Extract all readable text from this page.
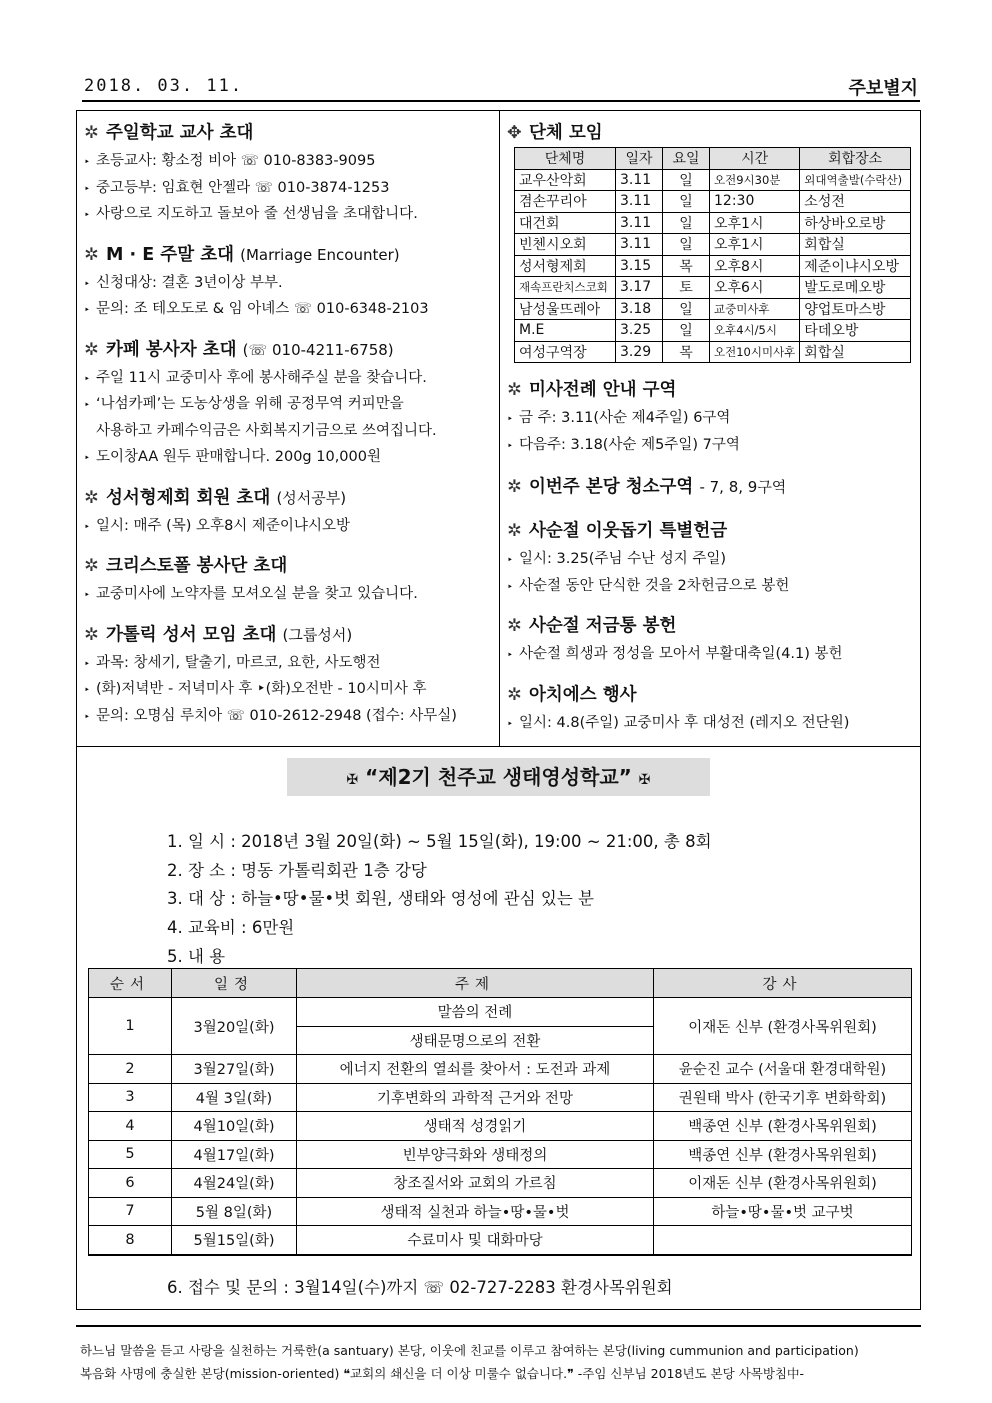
2018. 03. 11.	주보별지
✲ 주일학교 교사 초대
‣ 초등교사: 황소정 비아 ☏ 010-8383-9095
‣ 중고등부: 임효현 안젤라 ☏ 010-3874-1253
‣ 사랑으로 지도하고 돌보아 줄 선생님을 초대합니다.
✲ M · E 주말 초대 (Marriage Encounter)
‣ 신청대상: 결혼 3년이상 부부.
‣ 문의: 조 테오도로 & 임 아녜스 ☏ 010-6348-2103
✲ 카페 봉사자 초대 (☏ 010-4211-6758)
‣ 주일 11시 교중미사 후에 봉사해주실 분을 찾습니다.
‣ ‘나섬카페’는 도농상생을 위해 공정무역 커피만을
사용하고 카페수익금은 사회복지기금으로 쓰여집니다.
‣ 도이창AA 원두 판매합니다. 200g 10,000원
✲ 성서형제회 회원 초대 (성서공부)
‣ 일시: 매주 (목) 오후8시 제준이냐시오방
✲ 크리스토폴 봉사단 초대
‣ 교중미사에 노약자를 모셔오실 분을 찾고 있습니다.
✲ 가톨릭 성서 모임 초대 (그룹성서)
‣ 과목: 창세기, 탈출기, 마르코, 요한, 사도행전
‣ (화)저녁반 - 저녁미사 후 ‣(화)오전반 - 10시미사 후
‣ 문의: 오명심 루치아 ☏ 010-2612-2948 (접수: 사무실)
✥ 단체 모임
단체명	일자	요일	시간	회합장소
교우산악회	3.11	일	오전9시30분	외대역출발(수락산)
겸손꾸리아	3.11	일	12:30	소성전
대건회	3.11	일	오후1시	하상바오로방
빈첸시오회	3.11	일	오후1시	회합실
성서형제회	3.15	목	오후8시	제준이냐시오방
재속프란치스코회	3.17	토	오후6시	발도로메오방
남성울뜨레아	3.18	일	교중미사후	양업토마스방
M.E	3.25	일	오후4시/5시	타데오방
여성구역장	3.29	목	오전10시미사후	회합실
✲ 미사전례 안내 구역
‣ 금 주: 3.11(사순 제4주일) 6구역
‣ 다음주: 3.18(사순 제5주일) 7구역
✲ 이번주 본당 청소구역 - 7, 8, 9구역
✲ 사순절 이웃돕기 특별헌금
‣ 일시: 3.25(주님 수난 성지 주일)
‣ 사순절 동안 단식한 것을 2차헌금으로 봉헌
✲ 사순절 저금통 봉헌
‣ 사순절 희생과 정성을 모아서 부활대축일(4.1) 봉헌
✲ 아치에스 행사
‣ 일시: 4.8(주일) 교중미사 후 대성전 (레지오 전단원)
✠ “제2기 천주교 생태영성학교” ✠
1. 일 시 : 2018년 3월 20일(화) ~ 5월 15일(화), 19:00 ~ 21:00, 총 8회
2. 장 소 : 명동 가톨릭회관 1층 강당
3. 대 상 : 하늘•땅•물•벗 회원, 생태와 영성에 관심 있는 분
4. 교육비 : 6만원
5. 내 용
순서	일정	주제	강사
1	3월20일(화)	말씀의 전례	이재돈 신부 (환경사목위원회)
		생태문명으로의 전환	
2	3월27일(화)	에너지 전환의 열쇠를 찾아서 : 도전과 과제	윤순진 교수 (서울대 환경대학원)
3	4월 3일(화)	기후변화의 과학적 근거와 전망	권원태 박사 (한국기후 변화학회)
4	4월10일(화)	생태적 성경읽기	백종연 신부 (환경사목위원회)
5	4월17일(화)	빈부양극화와 생태정의	백종연 신부 (환경사목위원회)
6	4월24일(화)	창조질서와 교회의 가르침	이재돈 신부 (환경사목위원회)
7	5월 8일(화)	생태적 실천과 하늘•땅•물•벗	하늘•땅•물•벗 교구벗
8	5월15일(화)	수료미사 및 대화마당	
6. 접수 및 문의 : 3월14일(수)까지 ☏ 02-727-2283 환경사목위원회
하느님 말씀을 듣고 사랑을 실천하는 거룩한(a santuary) 본당, 이웃에 친교를 이루고 참여하는 본당(living cummunion and participation)
복음화 사명에 충실한 본당(mission-oriented) ❝교회의 쇄신을 더 이상 미룰수 없습니다.❞ -주임 신부님 2018년도 본당 사목방침中-
